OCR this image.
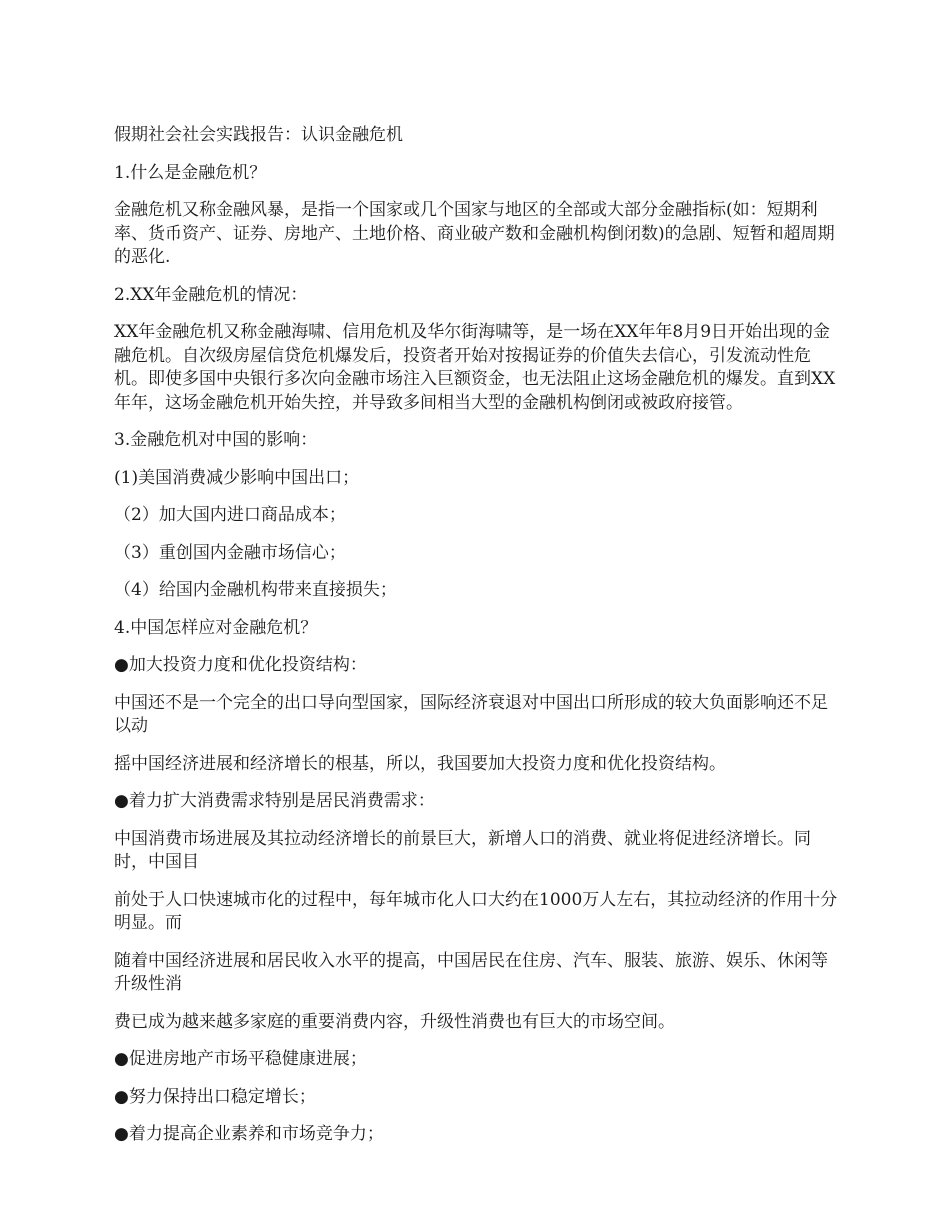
假期社会社会实践报告：认识金融危机

1.什么是金融危机？

金融危机又称金融风暴，是指一个国家或几个国家与地区的全部或大部分金融指标(如：短期利率、货币资产、证券、房地产、土地价格、商业破产数和金融机构倒闭数)的急剧、短暂和超周期的恶化.

2.XX年金融危机的情况：

XX年金融危机又称金融海啸、信用危机及华尔街海啸等，是一场在XX年年8月9日开始出现的金融危机。自次级房屋信贷危机爆发后，投资者开始对按揭证券的价值失去信心，引发流动性危机。即使多国中央银行多次向金融市场注入巨额资金，也无法阻止这场金融危机的爆发。直到XX年年，这场金融危机开始失控，并导致多间相当大型的金融机构倒闭或被政府接管。

3.金融危机对中国的影响：

(1)美国消费减少影响中国出口；

（2）加大国内进口商品成本；

（3）重创国内金融市场信心；

（4）给国内金融机构带来直接损失；

4.中国怎样应对金融危机？

●加大投资力度和优化投资结构：

中国还不是一个完全的出口导向型国家，国际经济衰退对中国出口所形成的较大负面影响还不足以动

摇中国经济进展和经济增长的根基，所以，我国要加大投资力度和优化投资结构。

●着力扩大消费需求特别是居民消费需求：

中国消费市场进展及其拉动经济增长的前景巨大，新增人口的消费、就业将促进经济增长。同时，中国目

前处于人口快速城市化的过程中，每年城市化人口大约在1000万人左右，其拉动经济的作用十分明显。而

随着中国经济进展和居民收入水平的提高，中国居民在住房、汽车、服装、旅游、娱乐、休闲等升级性消

费已成为越来越多家庭的重要消费内容，升级性消费也有巨大的市场空间。

●促进房地产市场平稳健康进展；

●努力保持出口稳定增长；

●着力提高企业素养和市场竞争力；
